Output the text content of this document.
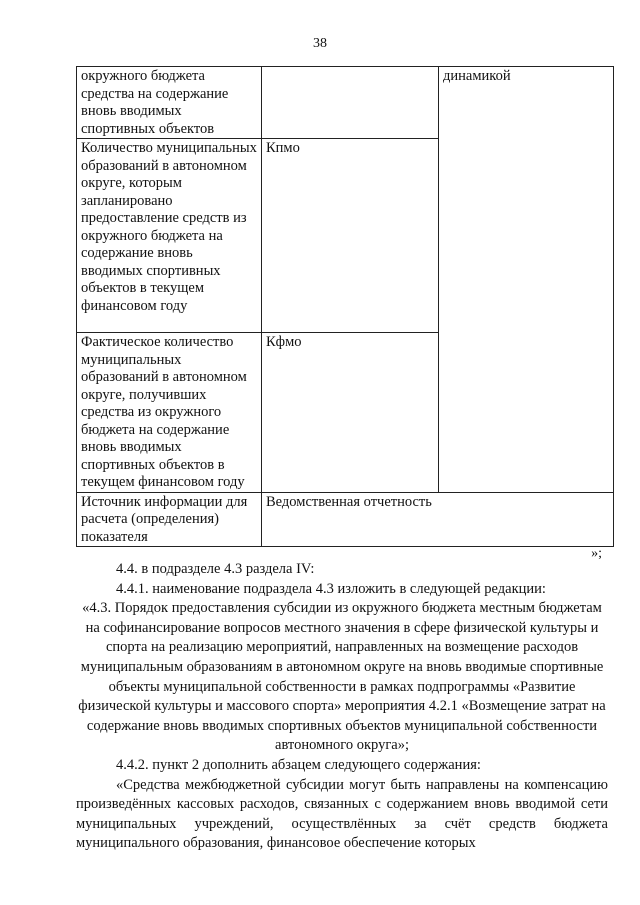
38
окружного бюджета средства на содержание вновь вводимых спортивных объектов		динамикой
Количество муниципальных образований в автономном округе, которым запланировано предоставление средств из окружного бюджета на содержание вновь вводимых спортивных объектов в текущем финансовом году	Кпмо	
Фактическое количество муниципальных образований в автономном округе, получивших средства из окружного бюджета на содержание вновь вводимых спортивных объектов в текущем финансовом году	Кфмо	
Источник информации для расчета (определения) показателя	Ведомственная отчетность	
»;

4.4. в подразделе 4.3 раздела IV:

4.4.1. наименование подраздела 4.3 изложить в следующей редакции:

«4.3. Порядок предоставления субсидии из окружного бюджета местным бюджетам на софинансирование вопросов местного значения в сфере физической культуры и спорта на реализацию мероприятий, направленных на возмещение расходов муниципальным образованиям в автономном округе на вновь вводимые спортивные объекты муниципальной собственности в рамках подпрограммы «Развитие физической культуры и массового спорта» мероприятия 4.2.1 «Возмещение затрат на содержание вновь вводимых спортивных объектов муниципальной собственности автономного округа»;

4.4.2. пункт 2 дополнить абзацем следующего содержания:

«Средства межбюджетной субсидии могут быть направлены на компенсацию произведённых кассовых расходов, связанных с содержанием вновь вводимой сети муниципальных учреждений, осуществлённых за счёт средств бюджета муниципального образования, финансовое обеспечение которых
